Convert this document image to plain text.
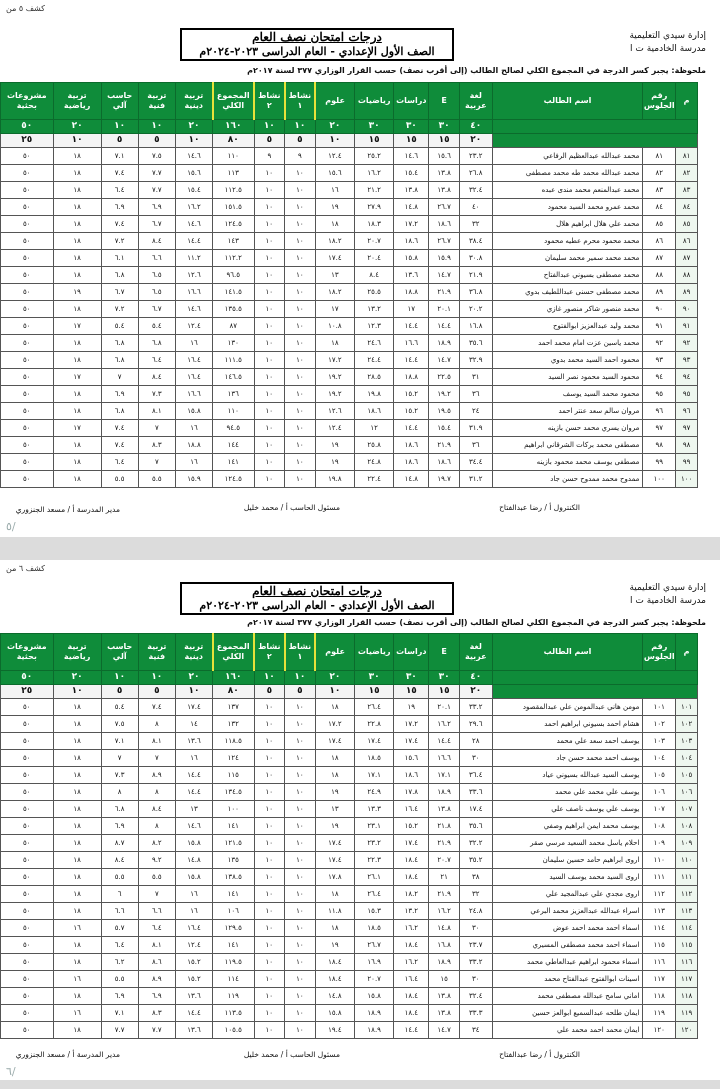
كشف ٥ من
إدارة سيدي التعليمية
مدرسة الخادمية ت ا
درجات امتحان نصف العام
الصف الأول الإعدادي - العام الدراسى ٢٠٢٣-٢٠٢٤م
ملحوظة: يجبر كسر الدرجة في المجموع الكلي لصالح الطالب (إلى أقرب نصف) حسب القرار الوزاري ٣٧٧ لسنة ٢٠١٧م
م	رقم الجلوس	اسم الطالب	لغة عربية	E	دراسات	رياضيات	علوم	نشاط ١	نشاط ٢	المجموع الكلي	تربية دينية	تربية فنية	حاسب آلي	تربية رياضية	مشروعات بحثية
			٤٠	٣٠	٣٠	٣٠	٢٠	١٠	١٠	١٦٠	٢٠	١٠	١٠	٢٠	٥٠
			٢٠	١٥	١٥	١٥	١٠	٥	٥	٨٠	١٠	٥	٥	١٠	٢٥
٨١	٨١	محمد عبدالله عبدالعظيم الرفاعي	٢٣.٢	١٥.٦	١٤.٦	٢٥.٢	١٢.٤	٩	٩	١١٠	١٤.٦	٧.٥	٧.١	١٨	٥٠
٨٢	٨٢	محمد عبدالله محمد طه محمد مصطفى	٢٦.٨	١٣.٨	١٥.٤	١٦.٢	١٥.٦	١٠	١٠	١١٣	١٥.٦	٧.٧	٧.٤	١٨	٥٠
٨٣	٨٣	محمد عبدالمنعم محمد مندى عبده	٣٢.٤	١٣.٨	١٣.٨	٢١.٢	١٦	١٠	١٠	١١٢.٥	١٥.٤	٧.٧	٦.٤	١٨	٥٠
٨٤	٨٤	محمد عمرو محمد السيد محمود	٤٠	٢٦.٧	١٤.٨	٢٧.٩	١٩	١٠	١٠	١٥١.٥	١٦.٢	٦.٩	٦.٩	١٨	٥٠
٨٥	٨٥	محمد علي هلال ابراهيم هلال	٣٢	١٨.٦	١٧.٢	١٨.٣	١٨	١٠	١٠	١٢٤.٥	١٤.٦	٦.٧	٧.٤	١٨	٥٠
٨٦	٨٦	محمد محمود محرم عطيه محمود	٣٨.٤	٢٦.٧	١٨.٦	٢٠.٧	١٨.٢	١٠	١٠	١٤٣	١٤.٤	٨.٤	٧.٢	١٨	٥٠
٨٧	٨٧	محمد محمد سمير محمد سليمان	٣٠.٨	١٥.٩	١٥.٨	٢٠.٤	١٧.٤	١٠	١٠	١١٢.٢	١١.٢	٦.٦	٦.١	١٨	٥٠
٨٨	٨٨	محمد مصطفى بسيوني عبدالفتاح	٢١.٩	١٤.٧	١٣.٦	٨.٤	١٣	١٠	١٠	٩٦.٥	١٢.٦	٦.٥	٦.٨	١٨	٥٠
٨٩	٨٩	محمد مصطفى حسنى عبداللطيف بدوي	٣٦.٨	٢١.٩	١٨.٨	٢٥.٥	١٨.٢	١٠	١٠	١٤١.٥	١٦.٦	٦.٥	٦.٧	١٩	٥٠
٩٠	٩٠	محمد منصور شاكر منصور غازي	٢٠.٢	٢٠.١	١٧	١٣.٢	١٧	١٠	١٠	١٣٥.٥	١٤.٦	٦.٧	٧.٢	١٨	٥٠
٩١	٩١	محمد وليد عبدالعزيز ابوالفتوح	١٦.٨	١٤.٤	١٤.٤	١٢.٣	١٠.٨	١٠	١٠	٨٧	١٢.٤	٥.٤	٥.٤	١٧	٥٠
٩٢	٩٢	محمد ياسين عزت امام محمد احمد	٣٥.٦	١٨.٩	١٦.٦	٢٤.٦	١٨	١٠	١٠	١٣٠	١٦	٦.٨	٦.٨	١٨	٥٠
٩٣	٩٣	محمود احمد السيد محمد بدوي	٣٢.٩	١٤.٧	١٤.٤	٢٤.٤	١٧.٢	١٠	١٠	١١١.٥	١٦.٤	٦.٤	٦.٨	١٨	٥٠
٩٤	٩٤	محمود السيد محمود نصر السيد	٣١	٢٢.٥	١٨.٨	٢٨.٥	١٩.٢	١٠	١٠	١٤٦.٥	١٦.٤	٨.٤	٧	١٧	٥٠
٩٥	٩٥	محمود محمد السيد يوسف	٣٦	١٩.٢	١٥.٢	١٩.٨	١٩.٢	١٠	١٠	١٣٦	١٦.٦	٧.٣	٦.٩	١٨	٥٠
٩٦	٩٦	مروان سالم سعد عنتر احمد	٢٤	١٩.٥	١٥.٢	١٨.٦	١٢.٦	١٠	١٠	١١٠	١٥.٨	٨.١	٦.٨	١٨	٥٠
٩٧	٩٧	مروان يسري محمد حسن بازينه	٣١.٩	١٥.٤	١٤.٤	١٢	١٢.٤	١٠	١٠	٩٤.٥	١٦	٧	٧.٤	١٧	٥٠
٩٨	٩٨	مصطفى محمد بركات الشرقاني ابراهيم	٣٦	٢١.٩	١٨.٦	٢٥.٨	١٩	١٠	١٠	١٤٤	١٨.٨	٨.٣	٧.٤	١٨	٥٠
٩٩	٩٩	مصطفى يوسف محمد محمود بازينه	٣٤.٤	١٨.٦	١٨.٦	٢٤.٨	١٩	١٠	١٠	١٤١	١٦	٧	٦.٤	١٨	٥٠
١٠٠	١٠٠	ممدوح محمد ممدوح حسن جاد	٣١.٢	١٩.٧	١٤.٨	٢٢.٤	١٩.٨	١٠	١٠	١٢٤.٥	١٥.٩	٥.٥	٥.٥	١٨	٥٠
الكنترول أ / رضا عبدالفتاح
مسئول الحاسب أ / محمد خليل
مدير المدرسة أ / مسعد الجنزوري
/٥
كشف ٦ من
إدارة سيدي التعليمية
مدرسة الخادمية ت ا
درجات امتحان نصف العام
الصف الأول الإعدادي - العام الدراسى ٢٠٢٣-٢٠٢٤م
ملحوظة: يجبر كسر الدرجة في المجموع الكلي لصالح الطالب (إلى أقرب نصف) حسب القرار الوزاري ٣٧٧ لسنة ٢٠١٧م
م	رقم الجلوس	اسم الطالب	لغة عربية	E	دراسات	رياضيات	علوم	نشاط ١	نشاط ٢	المجموع الكلي	تربية دينية	تربية فنية	حاسب آلي	تربية رياضية	مشروعات بحثية
			٤٠	٣٠	٣٠	٣٠	٢٠	١٠	١٠	١٦٠	٢٠	١٠	١٠	٢٠	٥٠
			٢٠	١٥	١٥	١٥	١٠	٥	٥	٨٠	١٠	٥	٥	١٠	٢٥
١٠١	١٠١	مومن هاني عبدالمومن علي عبدالمقصود	٣٣.٢	٢٠.١	١٩	٢٦.٤	١٨	١٠	١٠	١٣٧	١٧.٤	٧.٤	٥.٤	١٨	٥٠
١٠٢	١٠٢	هشام احمد بسيوني ابراهيم احمد	٢٩.٦	١٦.٢	١٧.٢	٢٢.٨	١٧.٢	١٠	١٠	١٣٢	١٤	٨	٧.٥	١٨	٥٠
١٠٣	١٠٣	يوسف احمد سعد علي محمد	٢٨	١٤.٤	١٧.٤	١٧.٤	١٧.٤	١٠	١٠	١١٨.٥	١٣.٦	٨.١	٧.١	١٨	٥٠
١٠٤	١٠٤	يوسف احمد محمد حسن جاد	٣٠	١٦.٦	١٥.٦	١٨.٥	١٨	١٠	١٠	١٢٤	١٦	٧	٧	١٨	٥٠
١٠٥	١٠٥	يوسف السيد عبدالله بسيوني عياد	٣٦.٤	١٧.١	١٨.٦	١٧.١	١٨	١٠	١٠	١١٥	١٤.٤	٨.٩	٧.٣	١٨	٥٠
١٠٦	١٠٦	يوسف علي محمد علي محمد	٣٣.٦	١٨.٩	١٧.٨	٢٤.٩	١٩	١٠	١٠	١٣٤.٥	١٤.٤	٨	٨	١٨	٥٠
١٠٧	١٠٧	يوسف علي يوسف ناصف علي	١٧.٤	١٣.٨	١٦.٤	١٣.٣	١٣	١٠	١٠	١٠٠	١٣	٨.٤	٦.٨	١٨	٥٠
١٠٨	١٠٨	يوسف محمد ايمن ابراهيم وصفي	٣٥.٦	٢١.٨	١٥.٢	٢٣.١	١٩	١٠	١٠	١٤١	١٤.٦	٨	٦.٩	١٨	٥٠
١٠٩	١٠٩	احلام ياسل محمد السعيد مرسي صقر	٣٢.٢	٢١.٩	١٧.٤	٢٣.٢	١٧.٤	١٠	١٠	١٢١.٥	١٥.٨	٨.٢	٨.٧	١٨	٥٠
١١٠	١١٠	اروى ابراهيم حامد حسين سليمان	٣٥.٢	٢٠.٧	١٨.٤	٢٢.٣	١٧.٤	١٠	١٠	١٣٥	١٤.٨	٩.٢	٨.٤	١٨	٥٠
١١١	١١١	اروى السيد محمد يوسف السيد	٣٨	٢١	١٨.٤	٢٦.١	١٧.٨	١٠	١٠	١٣٨.٥	١٥.٨	٥.٥	٥.٥	١٨	٥٠
١١٢	١١٢	اروى مجدي علي عبدالمجيد علي	٣٢	٢١.٩	١٨.٢	٢٦.٤	١٨	١٠	١٠	١٤١	١٦	٧	٦	١٨	٥٠
١١٣	١١٣	اسراء عبدالله عبدالعزيز محمد البرعي	٢٤.٨	١٦.٢	١٣.٢	١٥.٣	١١.٨	١٠	١٠	١٠٦	١٦	٦.٦	٦.٦	١٨	٥٠
١١٤	١١٤	اسماء احمد محمد احمد عوض	٣٠	١٤.٨	١٦.٢	١٨.٥	١٨	١٠	١٠	١٢٩.٥	١٦.٤	٦.٤	٥.٧	١٦	٥٠
١١٥	١١٥	اسماء احمد محمد مصطفى المسيري	٢٣.٧	١٦.٨	١٨.٤	٢٦.٧	١٩	١٠	١٠	١٤١	١٢.٤	٨.١	٦.٤	١٨	٥٠
١١٦	١١٦	اسماء محمود ابراهيم عبدالعاطي محمد	٣٣.٢	١٨.٩	١٦.٢	١٦.٩	١٨.٤	١٠	١٠	١١٩.٥	١٥.٢	٨.٦	٦.٢	١٨	٥٠
١١٧	١١٧	اسينات ابوالفتوح عبدالفتاح محمد	٣٠	١٥	١٦.٤	٢٠.٧	١٨.٤	١٠	١٠	١١٤	١٥.٢	٨.٩	٥.٥	١٦	٥٠
١١٨	١١٨	اماني سامح عبدالله مصطفى محمد	٣٢.٤	١٣.٨	١٨.٤	١٥.٨	١٤.٨	١٠	١٠	١١٩	١٣.٦	٦.٩	٦.٩	١٨	٥٠
١١٩	١١٩	ايمان طلحه عبدالسميع ابوالعز حسين	٣٣.٣	١٣.٨	١٨.٤	١٨.٩	١٥.٨	١٠	١٠	١١٣.٥	١٤.٤	٨.٣	٧.١	١٦	٥٠
١٢٠	١٢٠	ايمان محمد احمد محمد علي	٣٤	١٤.٧	١٤.٤	١٨.٩	١٩.٤	١٠	١٠	١٠٥.٥	١٣.٦	٧.٧	٧.٧	١٨	٥٠
الكنترول أ / رضا عبدالفتاح
مسئول الحاسب أ / محمد خليل
مدير المدرسة أ / مسعد الجنزوري
/٦
